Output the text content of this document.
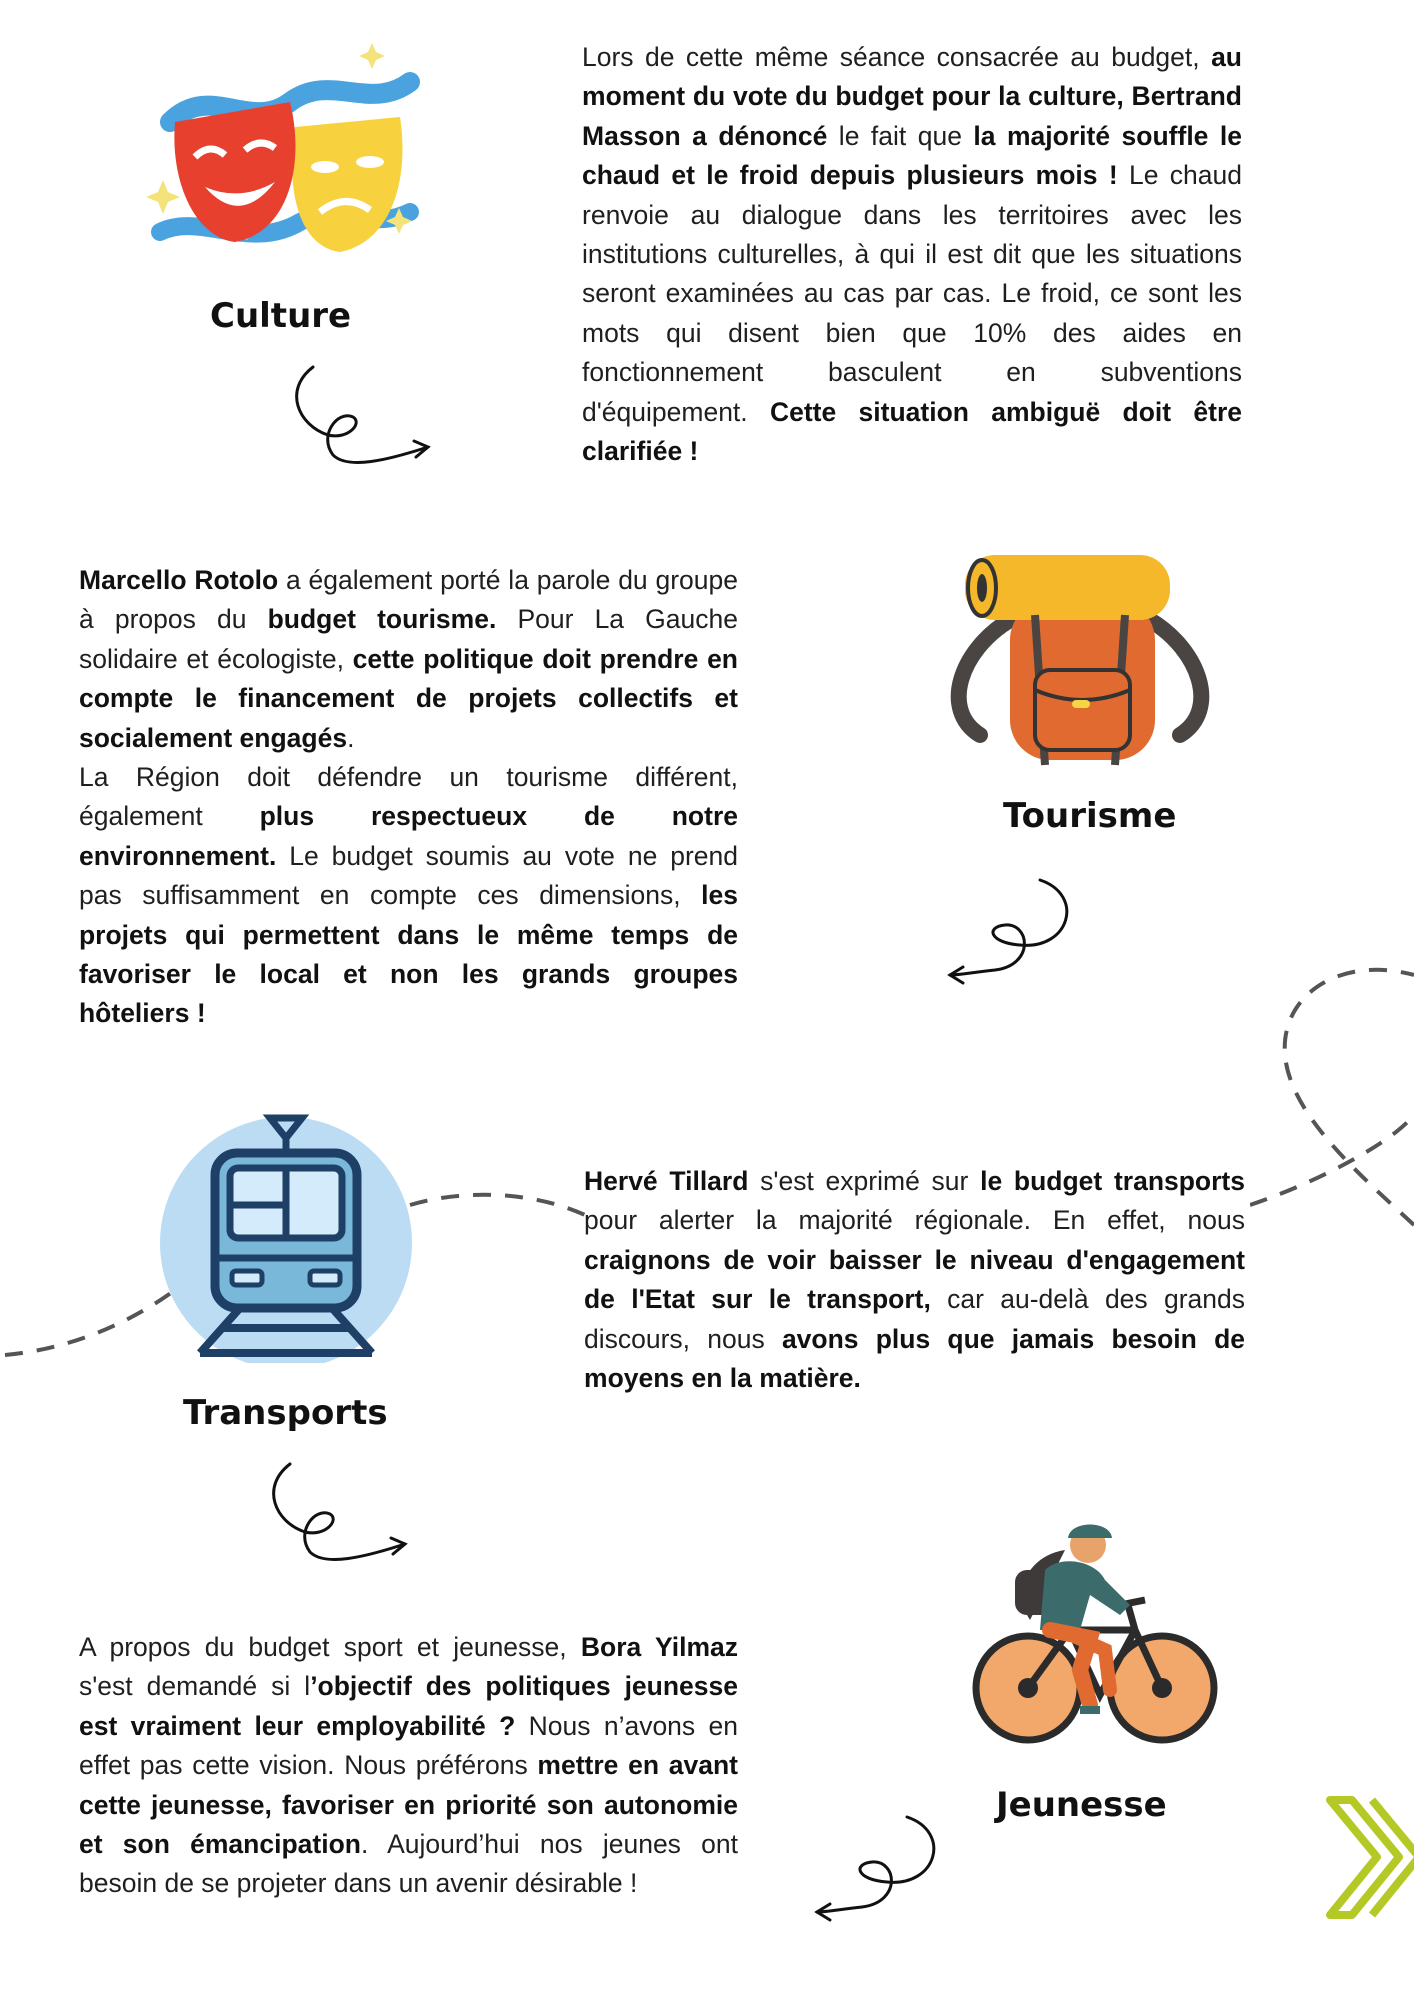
Culture
Lors de cette même séance consacrée au budget, au moment du vote du budget pour la culture, Bertrand Masson a dénoncé le fait que la majorité souffle le chaud et le froid depuis plusieurs mois ! Le chaud renvoie au dialogue dans les territoires avec les institutions culturelles, à qui il est dit que les situations seront examinées au cas par cas. Le froid, ce sont les mots qui disent bien que 10% des aides en fonctionnement basculent en subventions d'équipement. Cette situation ambiguë doit être clarifiée !
Marcello Rotolo a également porté la parole du groupe à propos du budget tourisme. Pour La Gauche solidaire et écologiste, cette politique doit prendre en compte le financement de projets collectifs et socialement engagés.
La Région doit défendre un tourisme différent, également plus respectueux de notre environnement. Le budget soumis au vote ne prend pas suffisamment en compte ces dimensions, les projets qui permettent dans le même temps de favoriser le local et non les grands groupes hôteliers !
Tourisme
Transports
Hervé Tillard s'est exprimé sur le budget transports pour alerter la majorité régionale. En effet, nous craignons de voir baisser le niveau d'engagement de l'Etat sur le transport, car au-delà des grands discours, nous avons plus que jamais besoin de moyens en la matière.
A propos du budget sport et jeunesse, Bora Yilmaz s'est demandé si l’objectif des politiques jeunesse est vraiment leur employabilité ? Nous n’avons en effet pas cette vision. Nous préférons mettre en avant cette jeunesse, favoriser en priorité son autonomie et son émancipation. Aujourd’hui nos jeunes ont besoin de se projeter dans un avenir désirable !
Jeunesse
